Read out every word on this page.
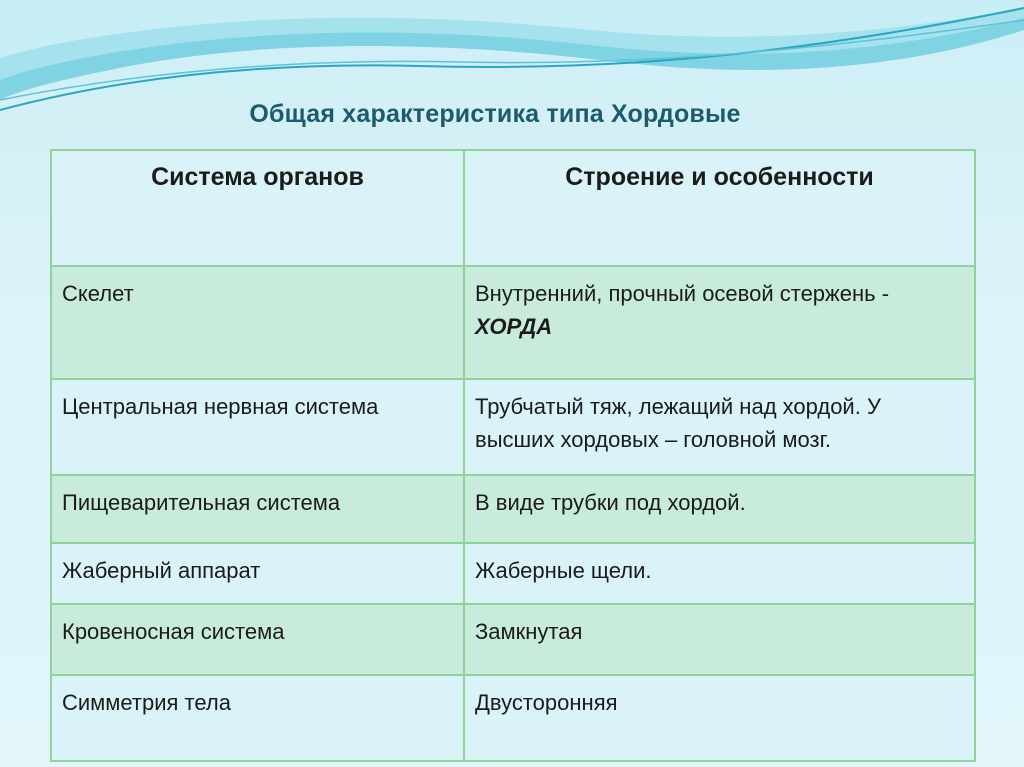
Общая характеристика типа Хордовые
Система органов	Строение и особенности
Скелет	Внутренний, прочный осевой стержень - ХОРДА
Центральная нервная система	Трубчатый тяж, лежащий над хордой. У высших хордовых – головной мозг.
Пищеварительная система	В виде трубки под хордой.
Жаберный аппарат	Жаберные щели.
Кровеносная система	Замкнутая
Симметрия тела	Двусторонняя
